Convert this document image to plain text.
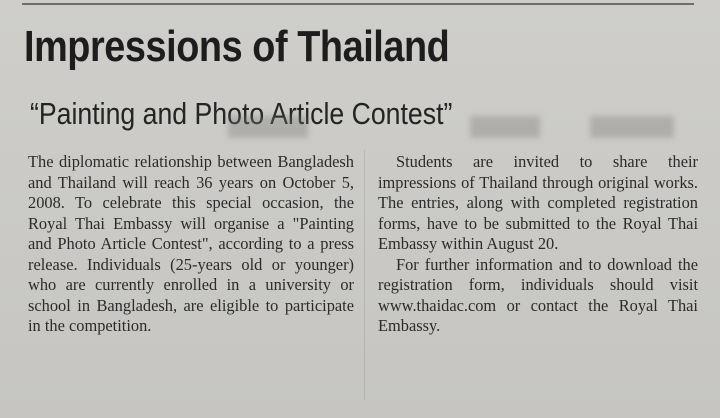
Impressions of Thailand
“Painting and Photo Article Contest”

The diplomatic relationship between Bangladesh and Thailand will reach 36 years on October 5, 2008. To celebrate this special occasion, the Royal Thai Embassy will organise a "Painting and Photo Article Contest", according to a press release. Individuals (25-years old or younger) who are currently enrolled in a university or school in Bangladesh, are eligible to participate in the competition.

Students are invited to share their impressions of Thailand through original works. The entries, along with completed registration forms, have to be submitted to the Royal Thai Embassy within August 20.

For further information and to download the registration form, individuals should visit www.thaidac.com or contact the Royal Thai Embassy.
